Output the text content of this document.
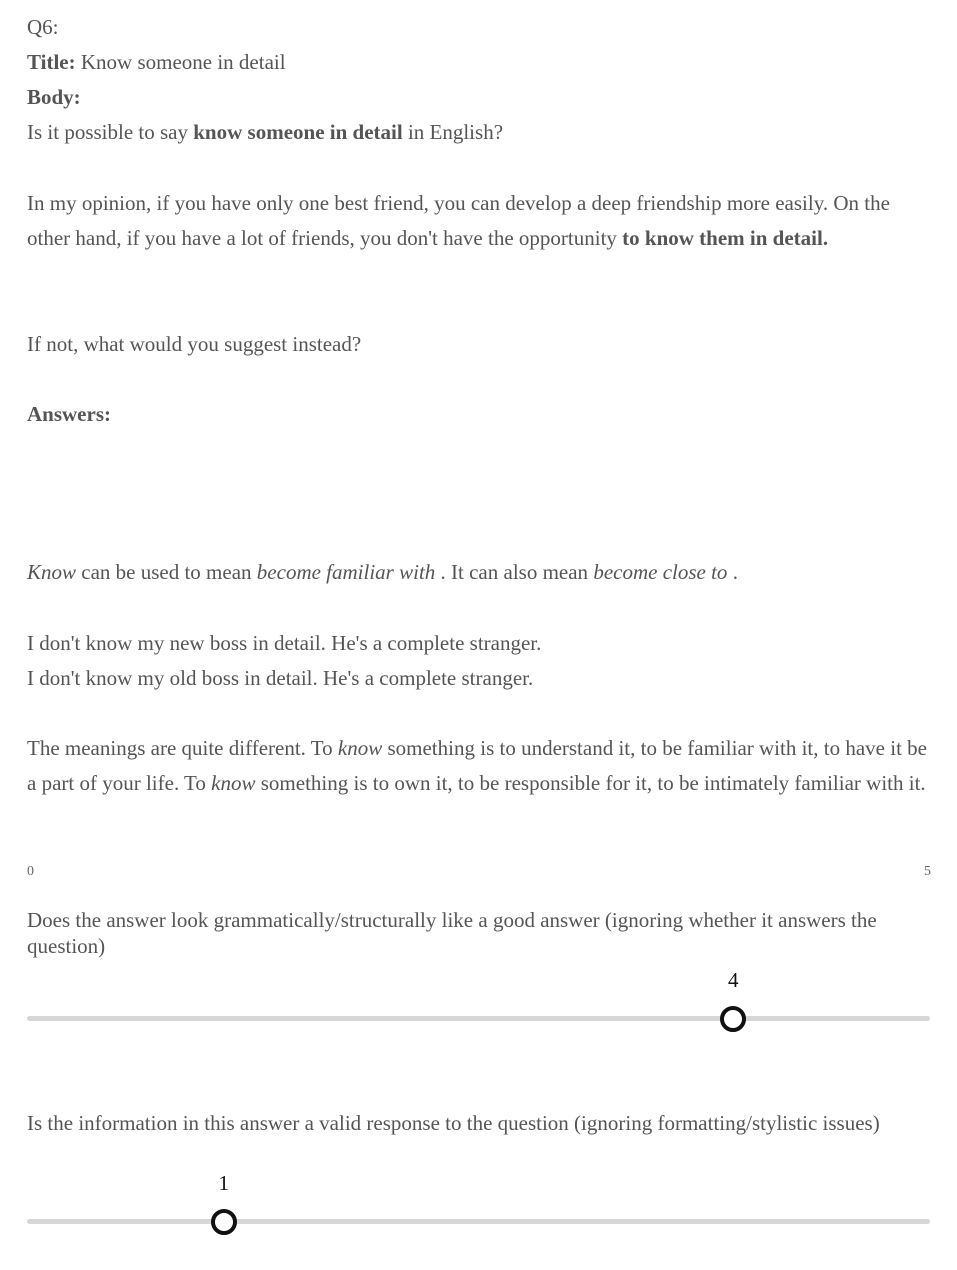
Q6:

Title: Know someone in detail

Body:

Is it possible to say know someone in detail in English?

In my opinion, if you have only one best friend, you can develop a deep friendship more easily. On the other hand, if you have a lot of friends, you don't have the opportunity to know them in detail.

If not, what would you suggest instead?

Answers:

Know can be used to mean become familiar with . It can also mean become close to .

I don't know my new boss in detail. He's a complete stranger.

I don't know my old boss in detail. He's a complete stranger.

The meanings are quite different. To know something is to understand it, to be familiar with it, to have it be a part of your life. To know something is to own it, to be responsible for it, to be intimately familiar with it.

0	5
Does the answer look grammatically/structurally like a good answer (ignoring whether it answers the question)
4
Is the information in this answer a valid response to the question (ignoring formatting/stylistic issues)
1
